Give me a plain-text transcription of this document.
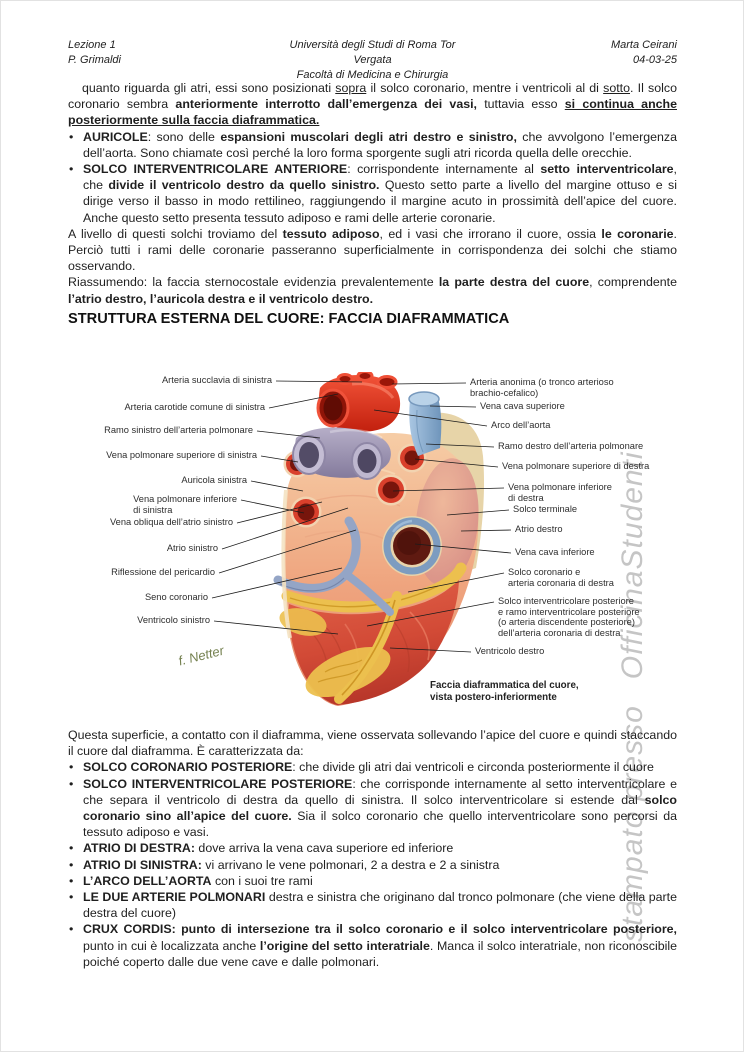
Lezione 1
P. Grimaldi
Università degli Studi di Roma Tor Vergata
Facoltà di Medicina e Chirurgia
Marta Ceirani
04-03-25
stampato pressoOfficinaStudenti
quanto riguarda gli atri, essi sono posizionati sopra il solco coronario, mentre i ventricoli al di sotto. Il solco coronario sembra anteriormente interrotto dall’emergenza dei vasi, tuttavia esso si continua anche posteriormente sulla faccia diaframmatica.
• AURICOLE: sono delle espansioni muscolari degli atri destro e sinistro, che avvolgono l’emergenza dell’aorta. Sono chiamate così perché la loro forma sporgente sugli atri ricorda quella delle orecchie.
• SOLCO INTERVENTRICOLARE ANTERIORE: corrispondente internamente al setto interventricolare, che divide il ventricolo destro da quello sinistro. Questo setto parte a livello del margine ottuso e si dirige verso il basso in modo rettilineo, raggiungendo il margine acuto in prossimità dell’apice del cuore. Anche questo setto presenta tessuto adiposo e rami delle arterie coronarie.
A livello di questi solchi troviamo del tessuto adiposo, ed i vasi che irrorano il cuore, ossia le coronarie. Perciò tutti i rami delle coronarie passeranno superficialmente in corrispondenza dei solchi che stiamo osservando.
Riassumendo: la faccia sternocostale evidenzia prevalentemente la parte destra del cuore, comprendente l’atrio destro, l’auricola destra e il ventricolo destro.
STRUTTURA ESTERNA DEL CUORE: FACCIA DIAFRAMMATICA
Arteria succlavia di sinistra
Arteria carotide comune di sinistra
Ramo sinistro dell’arteria polmonare
Vena polmonare superiore di sinistra
Auricola sinistra
Vena polmonare inferiore
di sinistra
Vena obliqua dell’atrio sinistro
Atrio sinistro
Riflessione del pericardio
Seno coronario
Ventricolo sinistro
Arteria anonima (o tronco arterioso
brachio-cefalico)
Vena cava superiore
Arco dell’aorta
Ramo destro dell’arteria polmonare
Vena polmonare superiore di destra
Vena polmonare inferiore
di destra
Solco terminale
Atrio destro
Vena cava inferiore
Solco coronario e
arteria coronaria di destra
Solco interventricolare posteriore
e ramo interventricolare posteriore
(o arteria discendente posteriore)
dell’arteria coronaria di destra
Ventricolo destro
Faccia diaframmatica del cuore,
vista postero-inferiormente
f. Netter
Questa superficie, a contatto con il diaframma, viene osservata sollevando l’apice del cuore e quindi staccando il cuore dal diaframma. È caratterizzata da:
• SOLCO CORONARIO POSTERIORE: che divide gli atri dai ventricoli e circonda posteriormente il cuore
• SOLCO INTERVENTRICOLARE POSTERIORE: che corrisponde internamente al setto interventricolare e che separa il ventricolo di destra da quello di sinistra. Il solco interventricolare si estende dal solco coronario sino all’apice del cuore. Sia il solco coronario che quello interventricolare sono percorsi da tessuto adiposo e vasi.
• ATRIO DI DESTRA: dove arriva la vena cava superiore ed inferiore
• ATRIO DI SINISTRA: vi arrivano le vene polmonari, 2 a destra e 2 a sinistra
• L’ARCO DELL’AORTA con i suoi tre rami
• LE DUE ARTERIE POLMONARI destra e sinistra che originano dal tronco polmonare (che viene della parte destra del cuore)
• CRUX CORDIS: punto di intersezione tra il solco coronario e il solco interventricolare posteriore, punto in cui è localizzata anche l’origine del setto interatriale. Manca il solco interatriale, non riconoscibile poiché coperto dalle due vene cave e dalle polmonari.
